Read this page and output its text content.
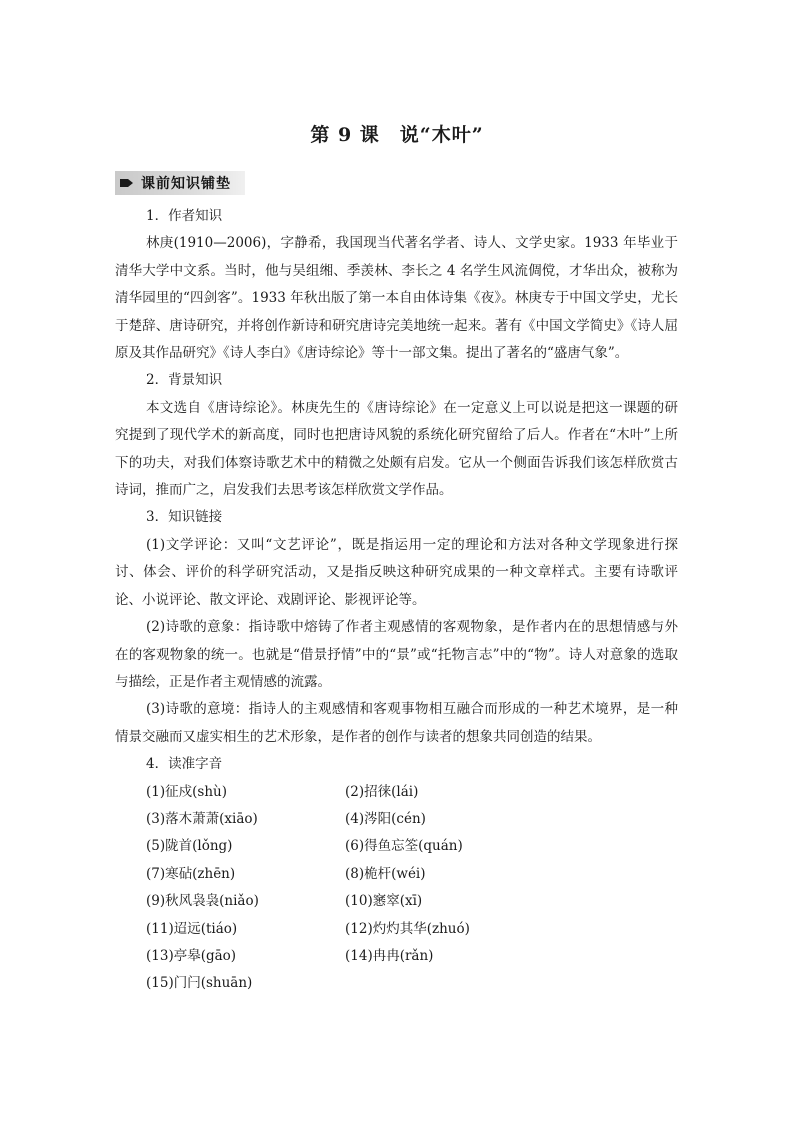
第 9 课　说“木叶”
课前知识铺垫
1．作者知识

林庚(1910—2006)，字静希，我国现当代著名学者、诗人、文学史家。1933 年毕业于清华大学中文系。当时，他与吴组缃、季羡林、李长之 4 名学生风流倜傥，才华出众，被称为清华园里的“四剑客”。1933 年秋出版了第一本自由体诗集《夜》。林庚专于中国文学史，尤长于楚辞、唐诗研究，并将创作新诗和研究唐诗完美地统一起来。著有《中国文学简史》《诗人屈原及其作品研究》《诗人李白》《唐诗综论》等十一部文集。提出了著名的“盛唐气象”。

2．背景知识

本文选自《唐诗综论》。林庚先生的《唐诗综论》在一定意义上可以说是把这一课题的研究提到了现代学术的新高度，同时也把唐诗风貌的系统化研究留给了后人。作者在“木叶”上所下的功夫，对我们体察诗歌艺术中的精微之处颇有启发。它从一个侧面告诉我们该怎样欣赏古诗词，推而广之，启发我们去思考该怎样欣赏文学作品。

3．知识链接

(1)文学评论：又叫“文艺评论”，既是指运用一定的理论和方法对各种文学现象进行探讨、体会、评价的科学研究活动，又是指反映这种研究成果的一种文章样式。主要有诗歌评论、小说评论、散文评论、戏剧评论、影视评论等。

(2)诗歌的意象：指诗歌中熔铸了作者主观感情的客观物象，是作者内在的思想情感与外在的客观物象的统一。也就是“借景抒情”中的“景”或“托物言志”中的“物”。诗人对意象的选取与描绘，正是作者主观情感的流露。

(3)诗歌的意境：指诗人的主观感情和客观事物相互融合而形成的一种艺术境界，是一种情景交融而又虚实相生的艺术形象，是作者的创作与读者的想象共同创造的结果。

4．读准字音
(1)征戍(shù)	(2)招徕(lái)
(3)落木萧萧(xiāo)	(4)涔阳(cén)
(5)陇首(lǒng)	(6)得鱼忘筌(quán)
(7)寒砧(zhēn)	(8)桅杆(wéi)
(9)秋风袅袅(niǎo)	(10)窸窣(xī)
(11)迢远(tiáo)	(12)灼灼其华(zhuó)
(13)亭皋(gāo)	(14)冉冉(rǎn)
(15)门闩(shuān)
